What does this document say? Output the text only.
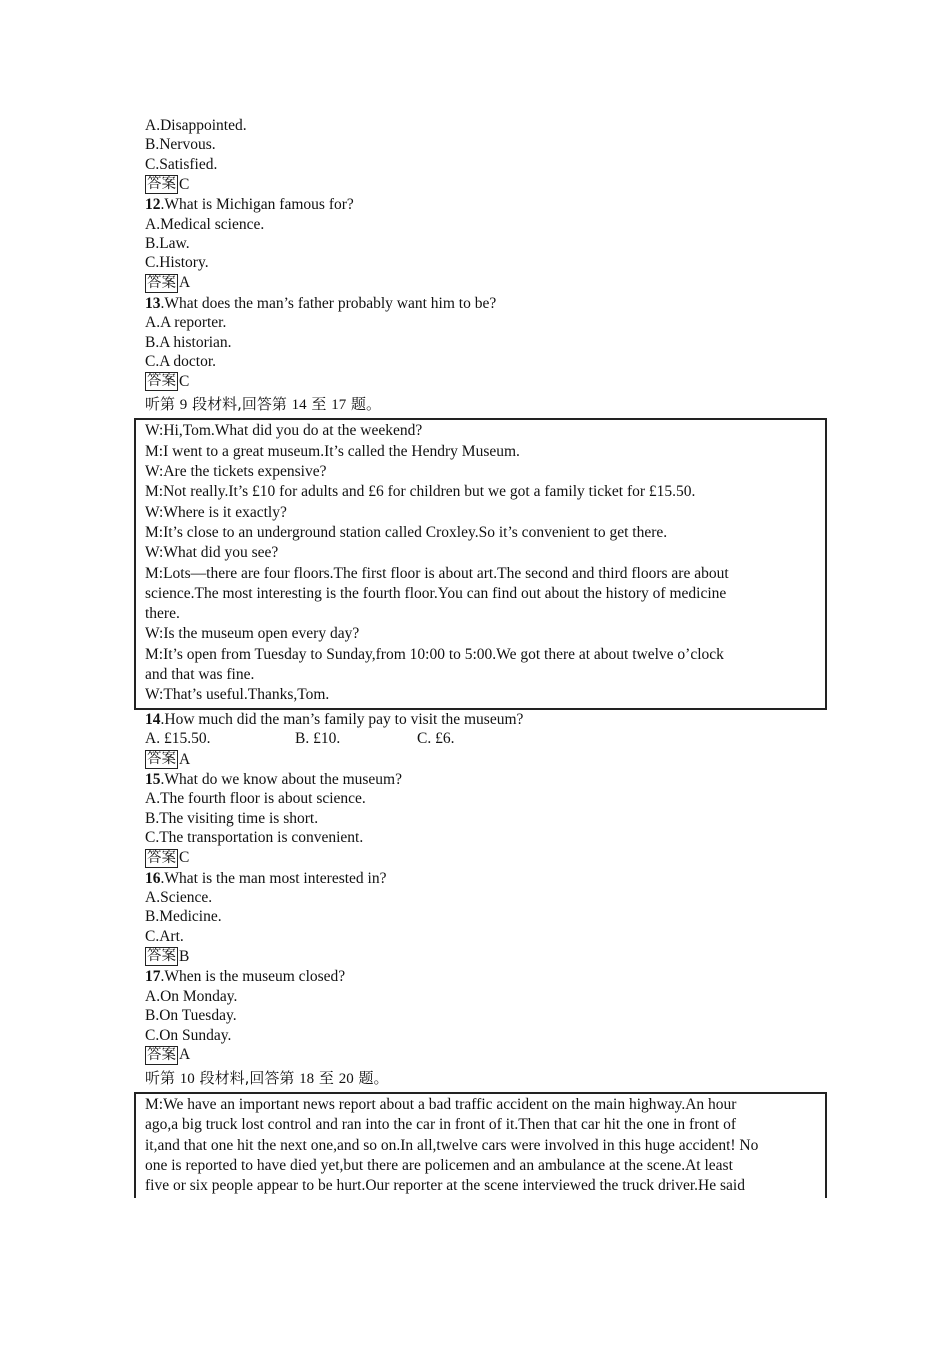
A.Disappointed.
B.Nervous.
C.Satisfied.
答案 C
12.What is Michigan famous for?
A.Medical science.
B.Law.
C.History.
答案 A
13.What does the man’s father probably want him to be?
A.A reporter.
B.A historian.
C.A doctor.
答案 C
听第 9 段材料,回答第 14 至 17 题。
W:Hi,Tom.What did you do at the weekend?
M:I went to a great museum.It’s called the Hendry Museum.
W:Are the tickets expensive?
M:Not really.It’s £10 for adults and £6 for children but we got a family ticket for £15.50.
W:Where is it exactly?
M:It’s close to an underground station called Croxley.So it’s convenient to get there.
W:What did you see?
M:Lots—there are four floors.The first floor is about art.The second and third floors are about
science.The most interesting is the fourth floor.You can find out about the history of medicine
there.
W:Is the museum open every day?
M:It’s open from Tuesday to Sunday,from 10:00 to 5:00.We got there at about twelve o’clock
and that was fine.
W:That’s useful.Thanks,Tom.
14.How much did the man’s family pay to visit the museum?
A. £15.50.	B. £10.	C. £6.
答案 A
15.What do we know about the museum?
A.The fourth floor is about science.
B.The visiting time is short.
C.The transportation is convenient.
答案 C
16.What is the man most interested in?
A.Science.
B.Medicine.
C.Art.
答案 B
17.When is the museum closed?
A.On Monday.
B.On Tuesday.
C.On Sunday.
答案 A
听第 10 段材料,回答第 18 至 20 题。
M:We have an important news report about a bad traffic accident on the main highway.An hour
ago,a big truck lost control and ran into the car in front of it.Then that car hit the one in front of
it,and that one hit the next one,and so on.In all,twelve cars were involved in this huge accident! No
one is reported to have died yet,but there are policemen and an ambulance at the scene.At least
five or six people appear to be hurt.Our reporter at the scene interviewed the truck driver.He said
